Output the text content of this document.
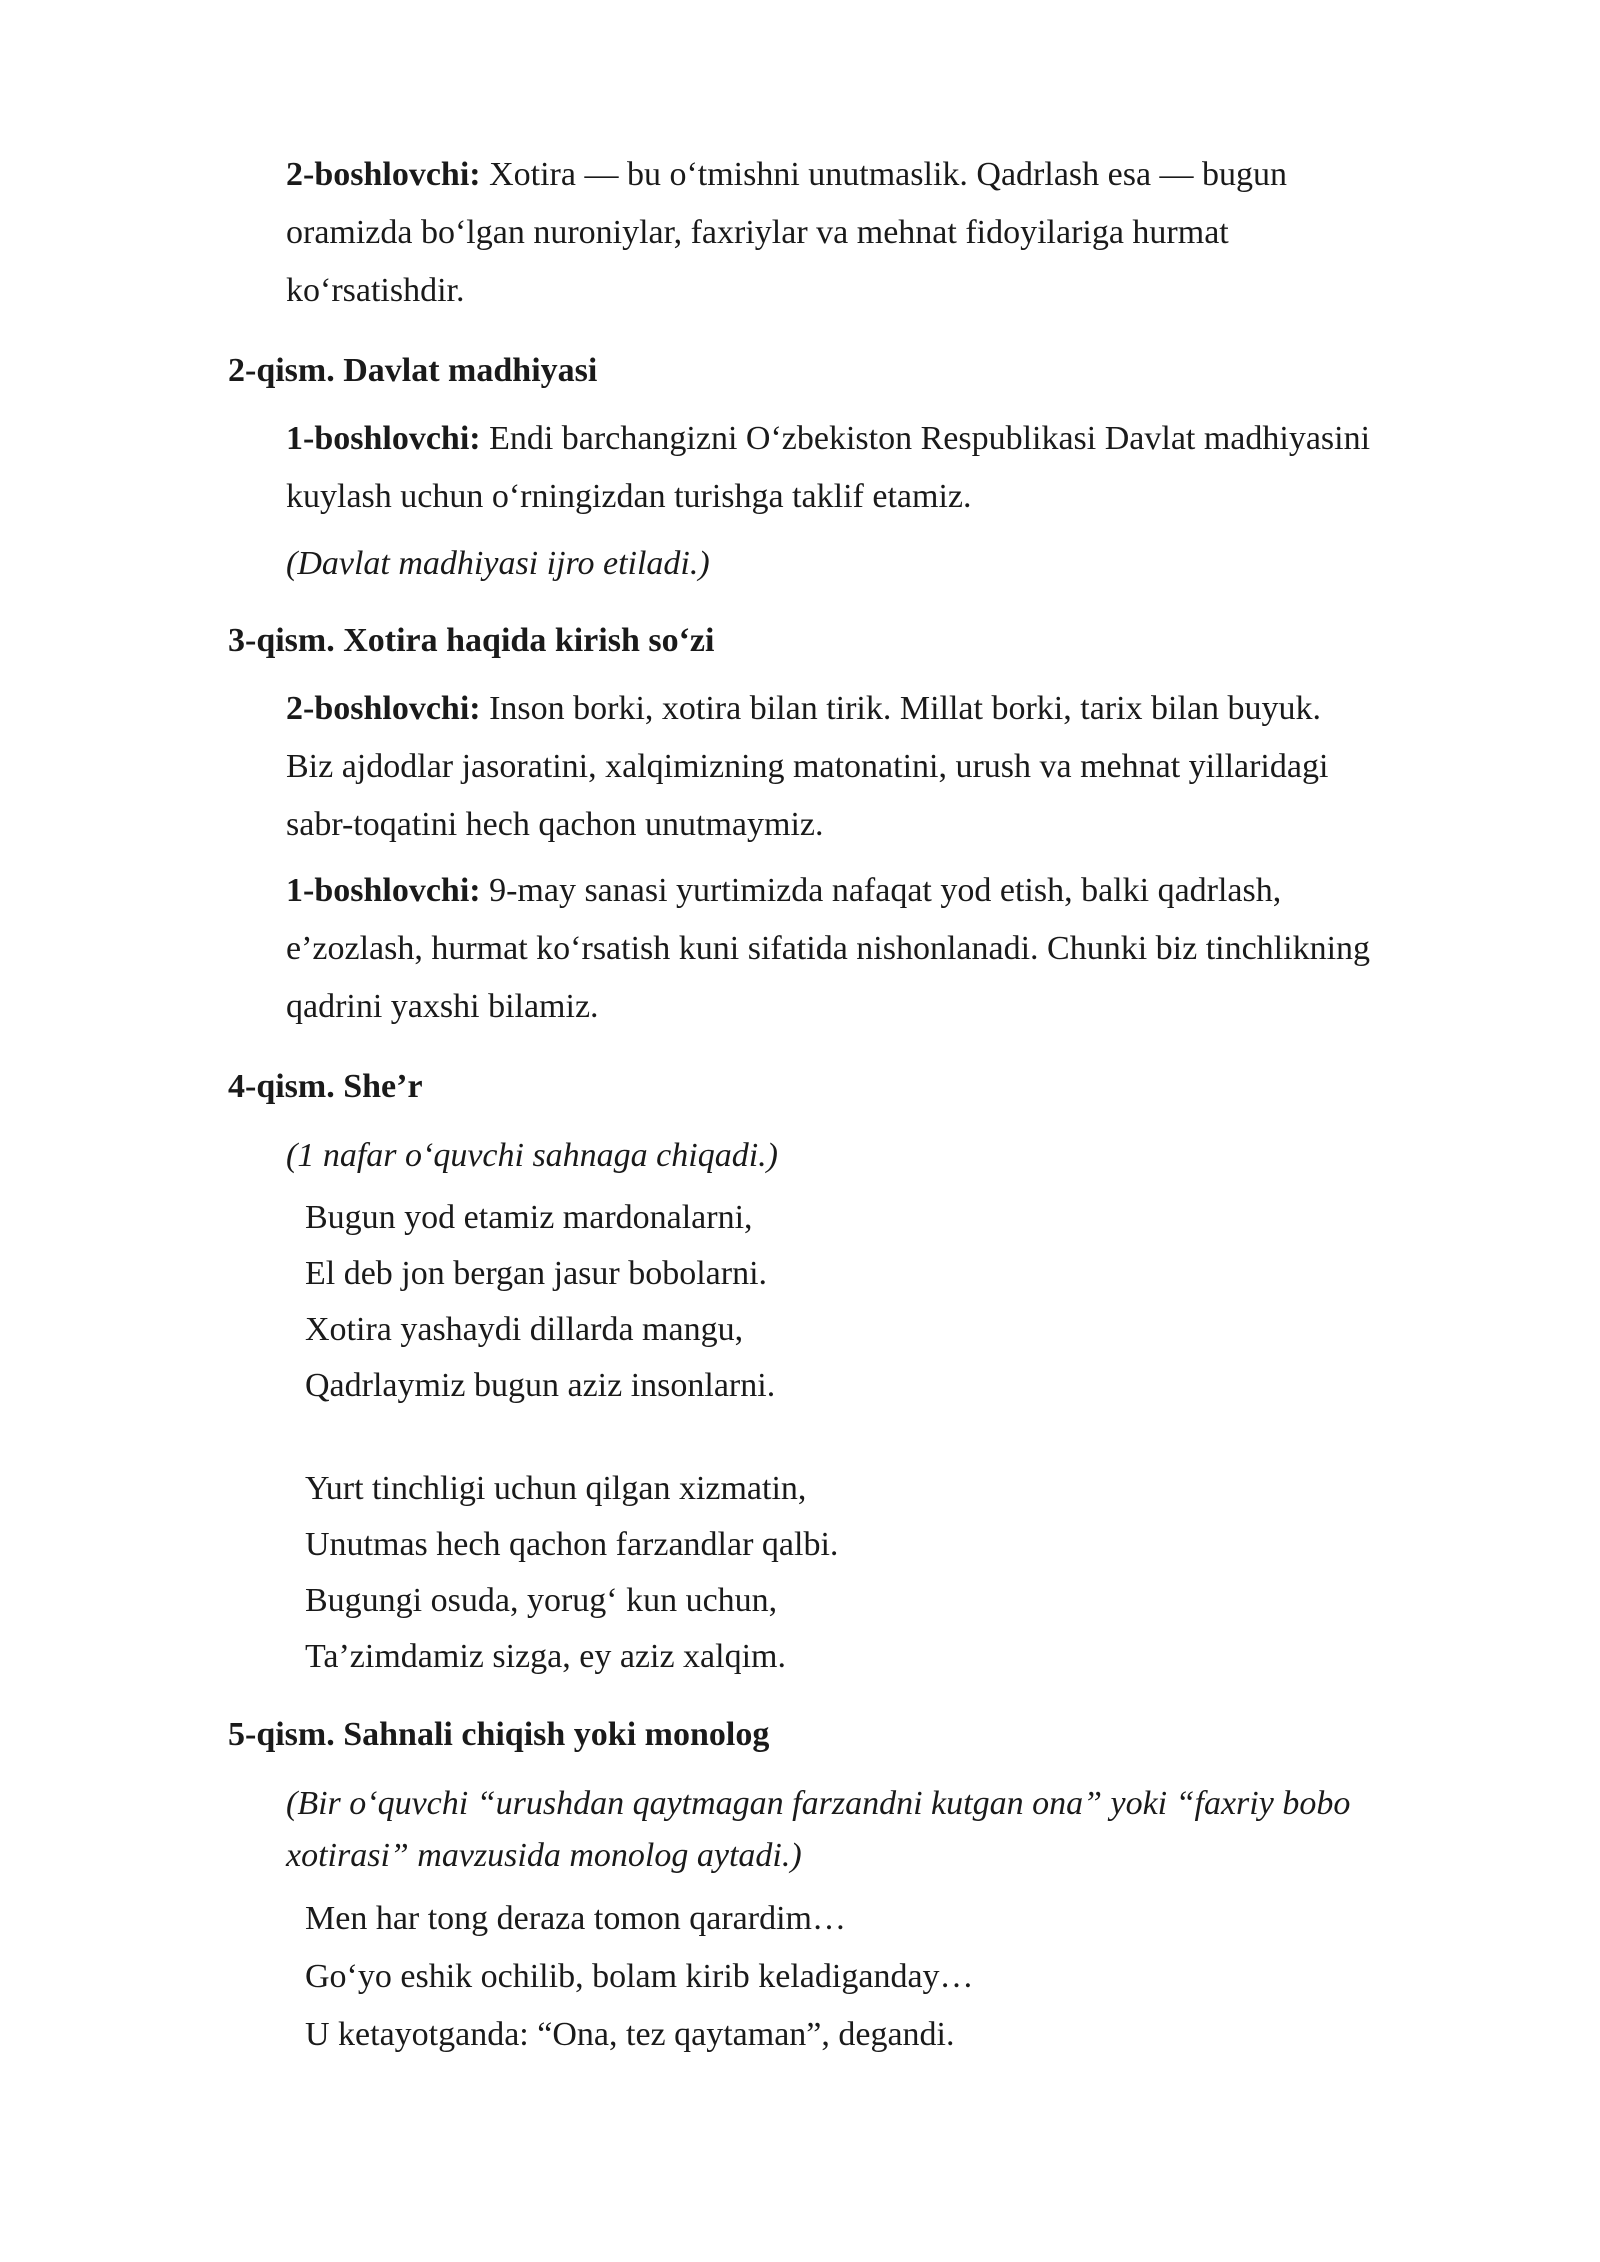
2-boshlovchi: Xotira — bu o‘tmishni unutmaslik. Qadrlash esa — bugun
oramizda bo‘lgan nuroniylar, faxriylar va mehnat fidoyilariga hurmat
ko‘rsatishdir.
2-qism. Davlat madhiyasi
1-boshlovchi: Endi barchangizni O‘zbekiston Respublikasi Davlat madhiyasini
kuylash uchun o‘rningizdan turishga taklif etamiz.
(Davlat madhiyasi ijro etiladi.)
3-qism. Xotira haqida kirish so‘zi
2-boshlovchi: Inson borki, xotira bilan tirik. Millat borki, tarix bilan buyuk.
Biz ajdodlar jasoratini, xalqimizning matonatini, urush va mehnat yillaridagi
sabr-toqatini hech qachon unutmaymiz.
1-boshlovchi: 9-may sanasi yurtimizda nafaqat yod etish, balki qadrlash,
e’zozlash, hurmat ko‘rsatish kuni sifatida nishonlanadi. Chunki biz tinchlikning
qadrini yaxshi bilamiz.
4-qism. She’r
(1 nafar o‘quvchi sahnaga chiqadi.)
Bugun yod etamiz mardonalarni,
El deb jon bergan jasur bobolarni.
Xotira yashaydi dillarda mangu,
Qadrlaymiz bugun aziz insonlarni.
Yurt tinchligi uchun qilgan xizmatin,
Unutmas hech qachon farzandlar qalbi.
Bugungi osuda, yorug‘ kun uchun,
Ta’zimdamiz sizga, ey aziz xalqim.
5-qism. Sahnali chiqish yoki monolog
(Bir o‘quvchi “urushdan qaytmagan farzandni kutgan ona” yoki “faxriy bobo
xotirasi” mavzusida monolog aytadi.)
Men har tong deraza tomon qarardim…
Go‘yo eshik ochilib, bolam kirib keladiganday…
U ketayotganda: “Ona, tez qaytaman”, degandi.
